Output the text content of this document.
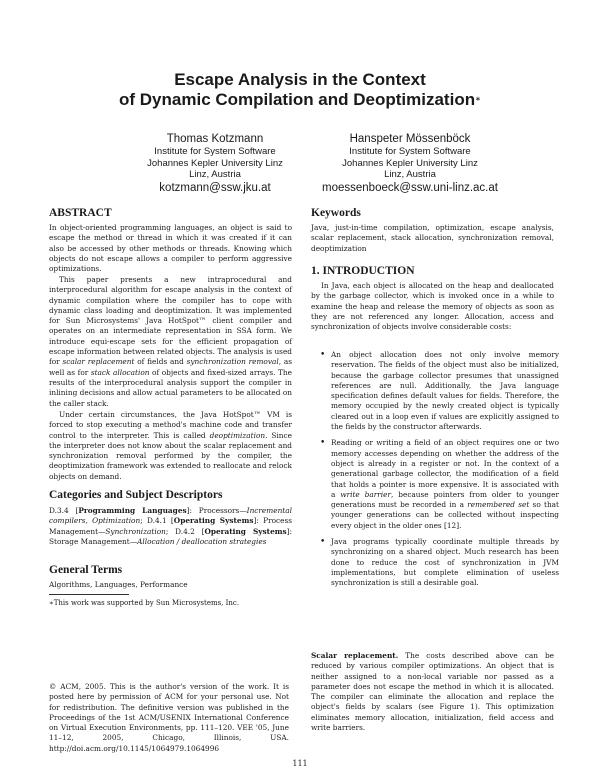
Escape Analysis in the Context
of Dynamic Compilation and Deoptimization∗
Thomas Kotzmann
Institute for System Software
Johannes Kepler University Linz
Linz, Austria
kotzmann@ssw.jku.at
Hanspeter Mössenböck
Institute for System Software
Johannes Kepler University Linz
Linz, Austria
moessenboeck@ssw.uni-linz.ac.at
ABSTRACT

In object-oriented programming languages, an object is said to escape the method or thread in which it was created if it can also be accessed by other methods or threads. Knowing which objects do not escape allows a compiler to perform aggressive optimizations.

This paper presents a new intraprocedural and interprocedural algorithm for escape analysis in the context of dynamic compilation where the compiler has to cope with dynamic class loading and deoptimization. It was implemented for Sun Microsystems' Java HotSpot™ client compiler and operates on an intermediate representation in SSA form. We introduce equi-escape sets for the efficient propagation of escape information between related objects. The analysis is used for scalar replacement of fields and synchronization removal, as well as for stack allocation of objects and fixed-sized arrays. The results of the interprocedural analysis support the compiler in inlining decisions and allow actual parameters to be allocated on the caller stack.

Under certain circumstances, the Java HotSpot™ VM is forced to stop executing a method's machine code and transfer control to the interpreter. This is called deoptimization. Since the interpreter does not know about the scalar replacement and synchronization removal performed by the compiler, the deoptimization framework was extended to reallocate and relock objects on demand.

Categories and Subject Descriptors

D.3.4 [Programming Languages]: Processors—Incremental compilers, Optimization; D.4.1 [Operating Systems]: Process Management—Synchronization; D.4.2 [Operating Systems]: Storage Management—Allocation / deallocation strategies

General Terms

Algorithms, Languages, Performance

∗This work was supported by Sun Microsystems, Inc.

© ACM, 2005. This is the author's version of the work. It is posted here by permission of ACM for your personal use. Not for redistribution. The definitive version was published in the Proceedings of the 1st ACM/USENIX International Conference on Virtual Execution Environments, pp. 111–120. VEE '05, June 11–12, 2005, Chicago, Illinois, USA. http://doi.acm.org/10.1145/1064979.1064996

Keywords

Java, just-in-time compilation, optimization, escape analysis, scalar replacement, stack allocation, synchronization removal, deoptimization

1. INTRODUCTION

In Java, each object is allocated on the heap and deallocated by the garbage collector, which is invoked once in a while to examine the heap and release the memory of objects as soon as they are not referenced any longer. Allocation, access and synchronization of objects involve considerable costs:

• An object allocation does not only involve memory reservation. The fields of the object must also be initialized, because the garbage collector presumes that unassigned references are null. Additionally, the Java language specification defines default values for fields. Therefore, the memory occupied by the newly created object is typically cleared out in a loop even if values are explicitly assigned to the fields by the constructor afterwards.
• Reading or writing a field of an object requires one or two memory accesses depending on whether the address of the object is already in a register or not. In the context of a generational garbage collector, the modification of a field that holds a pointer is more expensive. It is associated with a write barrier, because pointers from older to younger generations must be recorded in a remembered set so that younger generations can be collected without inspecting every object in the older ones [12].
• Java programs typically coordinate multiple threads by synchronizing on a shared object. Much research has been done to reduce the cost of synchronization in JVM implementations, but complete elimination of useless synchronization is still a desirable goal.

Scalar replacement. The costs described above can be reduced by various compiler optimizations. An object that is neither assigned to a non-local variable nor passed as a parameter does not escape the method in which it is allocated. The compiler can eliminate the allocation and replace the object's fields by scalars (see Figure 1). This optimization eliminates memory allocation, initialization, field access and write barriers.

111
